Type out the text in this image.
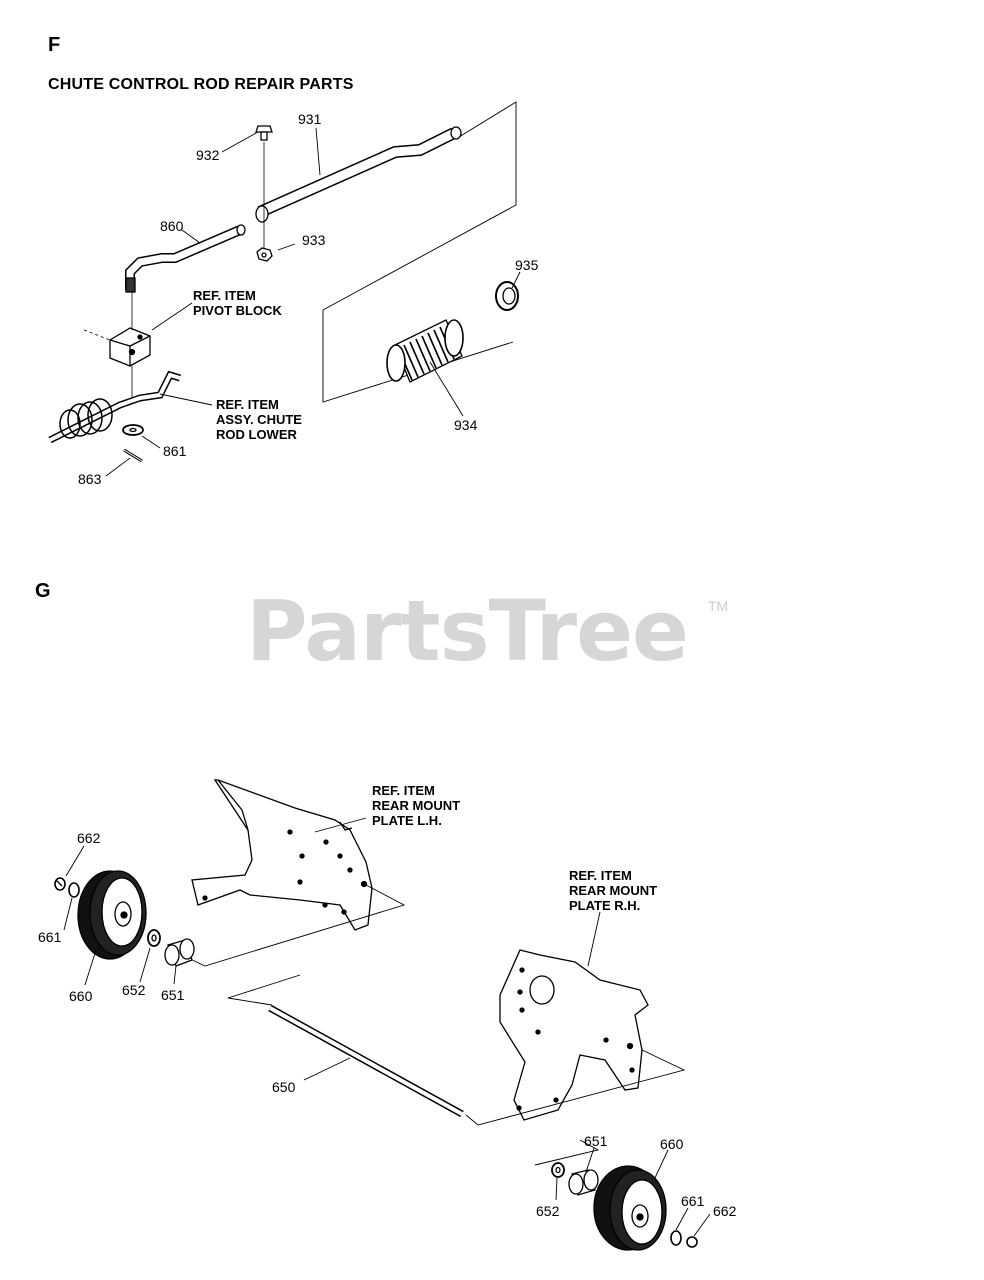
F
CHUTE CONTROL ROD REPAIR PARTS
G PartsTree TM
931
932
860
933
935
934
861
863
REF. ITEM
PIVOT BLOCK
REF. ITEM
ASSY. CHUTE
ROD LOWER
662
661
660 652 651
650
651	660
652
661
662
REF. ITEM
REAR MOUNT
PLATE L.H.
REF. ITEM
REAR MOUNT
PLATE R.H.
